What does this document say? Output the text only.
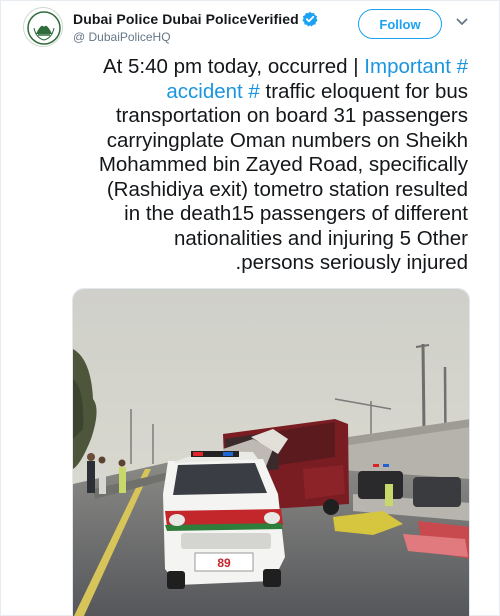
Dubai Police Dubai PoliceVerified
@ DubaiPoliceHQ
Follow
At 5:40 pm today, occurred | Important #
accident # traffic eloquent for bus
transportation on board 31 passengers
carryingplate Oman numbers on Sheikh
Mohammed bin Zayed Road, specifically
(Rashidiya exit) tometro station resulted
in the death15 passengers of different
nationalities and injuring 5 Other
.persons seriously injured
89
